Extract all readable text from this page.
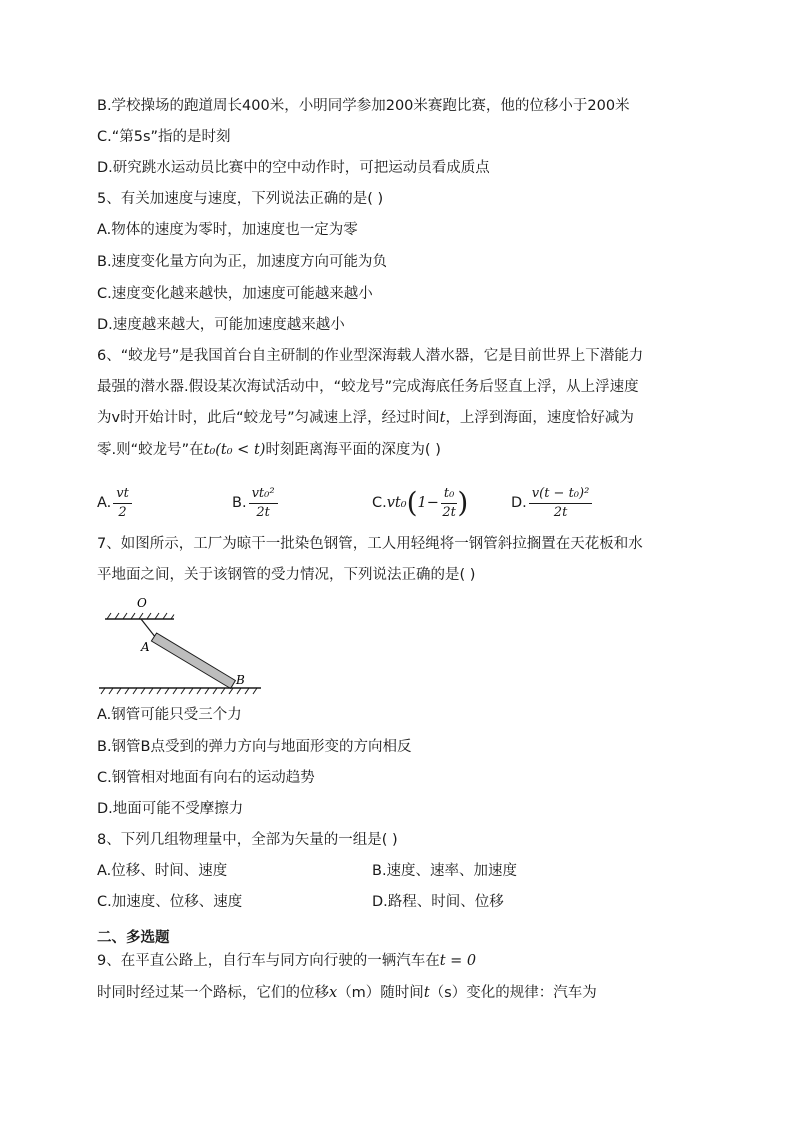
B.学校操场的跑道周长400米，小明同学参加200米赛跑比赛，他的位移小于200米
C.“第5s”指的是时刻
D.研究跳水运动员比赛中的空中动作时，可把运动员看成质点
5、有关加速度与速度，下列说法正确的是( )
A.物体的速度为零时，加速度也一定为零
B.速度变化量方向为正，加速度方向可能为负
C.速度变化越来越快，加速度可能越来越小
D.速度越来越大，可能加速度越来越小
6、“蛟龙号”是我国首台自主研制的作业型深海载人潜水器，它是目前世界上下潜能力
最强的潜水器.假设某次海试活动中，“蛟龙号”完成海底任务后竖直上浮，从上浮速度
为v时开始计时，此后“蛟龙号”匀减速上浮，经过时间t，上浮到海面，速度恰好减为
零.则“蛟龙号”在t₀(t₀ < t)时刻距离海平面的深度为( )
A. $\frac{vt}{2}$	B. $\frac{\text{vt₀²}}{2t}$	C. vt₀ ( $1- \frac{\text{t₀}}{2t}$ )	D. $\frac{\text{v(t − t₀)²}}{2t}$
7、如图所示，工厂为晾干一批染色钢管，工人用轻绳将一钢管斜拉搁置在天花板和水
平地面之间，关于该钢管的受力情况，下列说法正确的是( )
O
A
B
A.钢管可能只受三个力
B.钢管B点受到的弹力方向与地面形变的方向相反
C.钢管相对地面有向右的运动趋势
D.地面可能不受摩擦力
8、下列几组物理量中，全部为矢量的一组是( )
A.位移、时间、速度	B.速度、速率、加速度
C.加速度、位移、速度	D.路程、时间、位移
二、多选题
9、在平直公路上，自行车与同方向行驶的一辆汽车在t = 0
时同时经过某一个路标，它们的位移x（m）随时间t（s）变化的规律：汽车为
